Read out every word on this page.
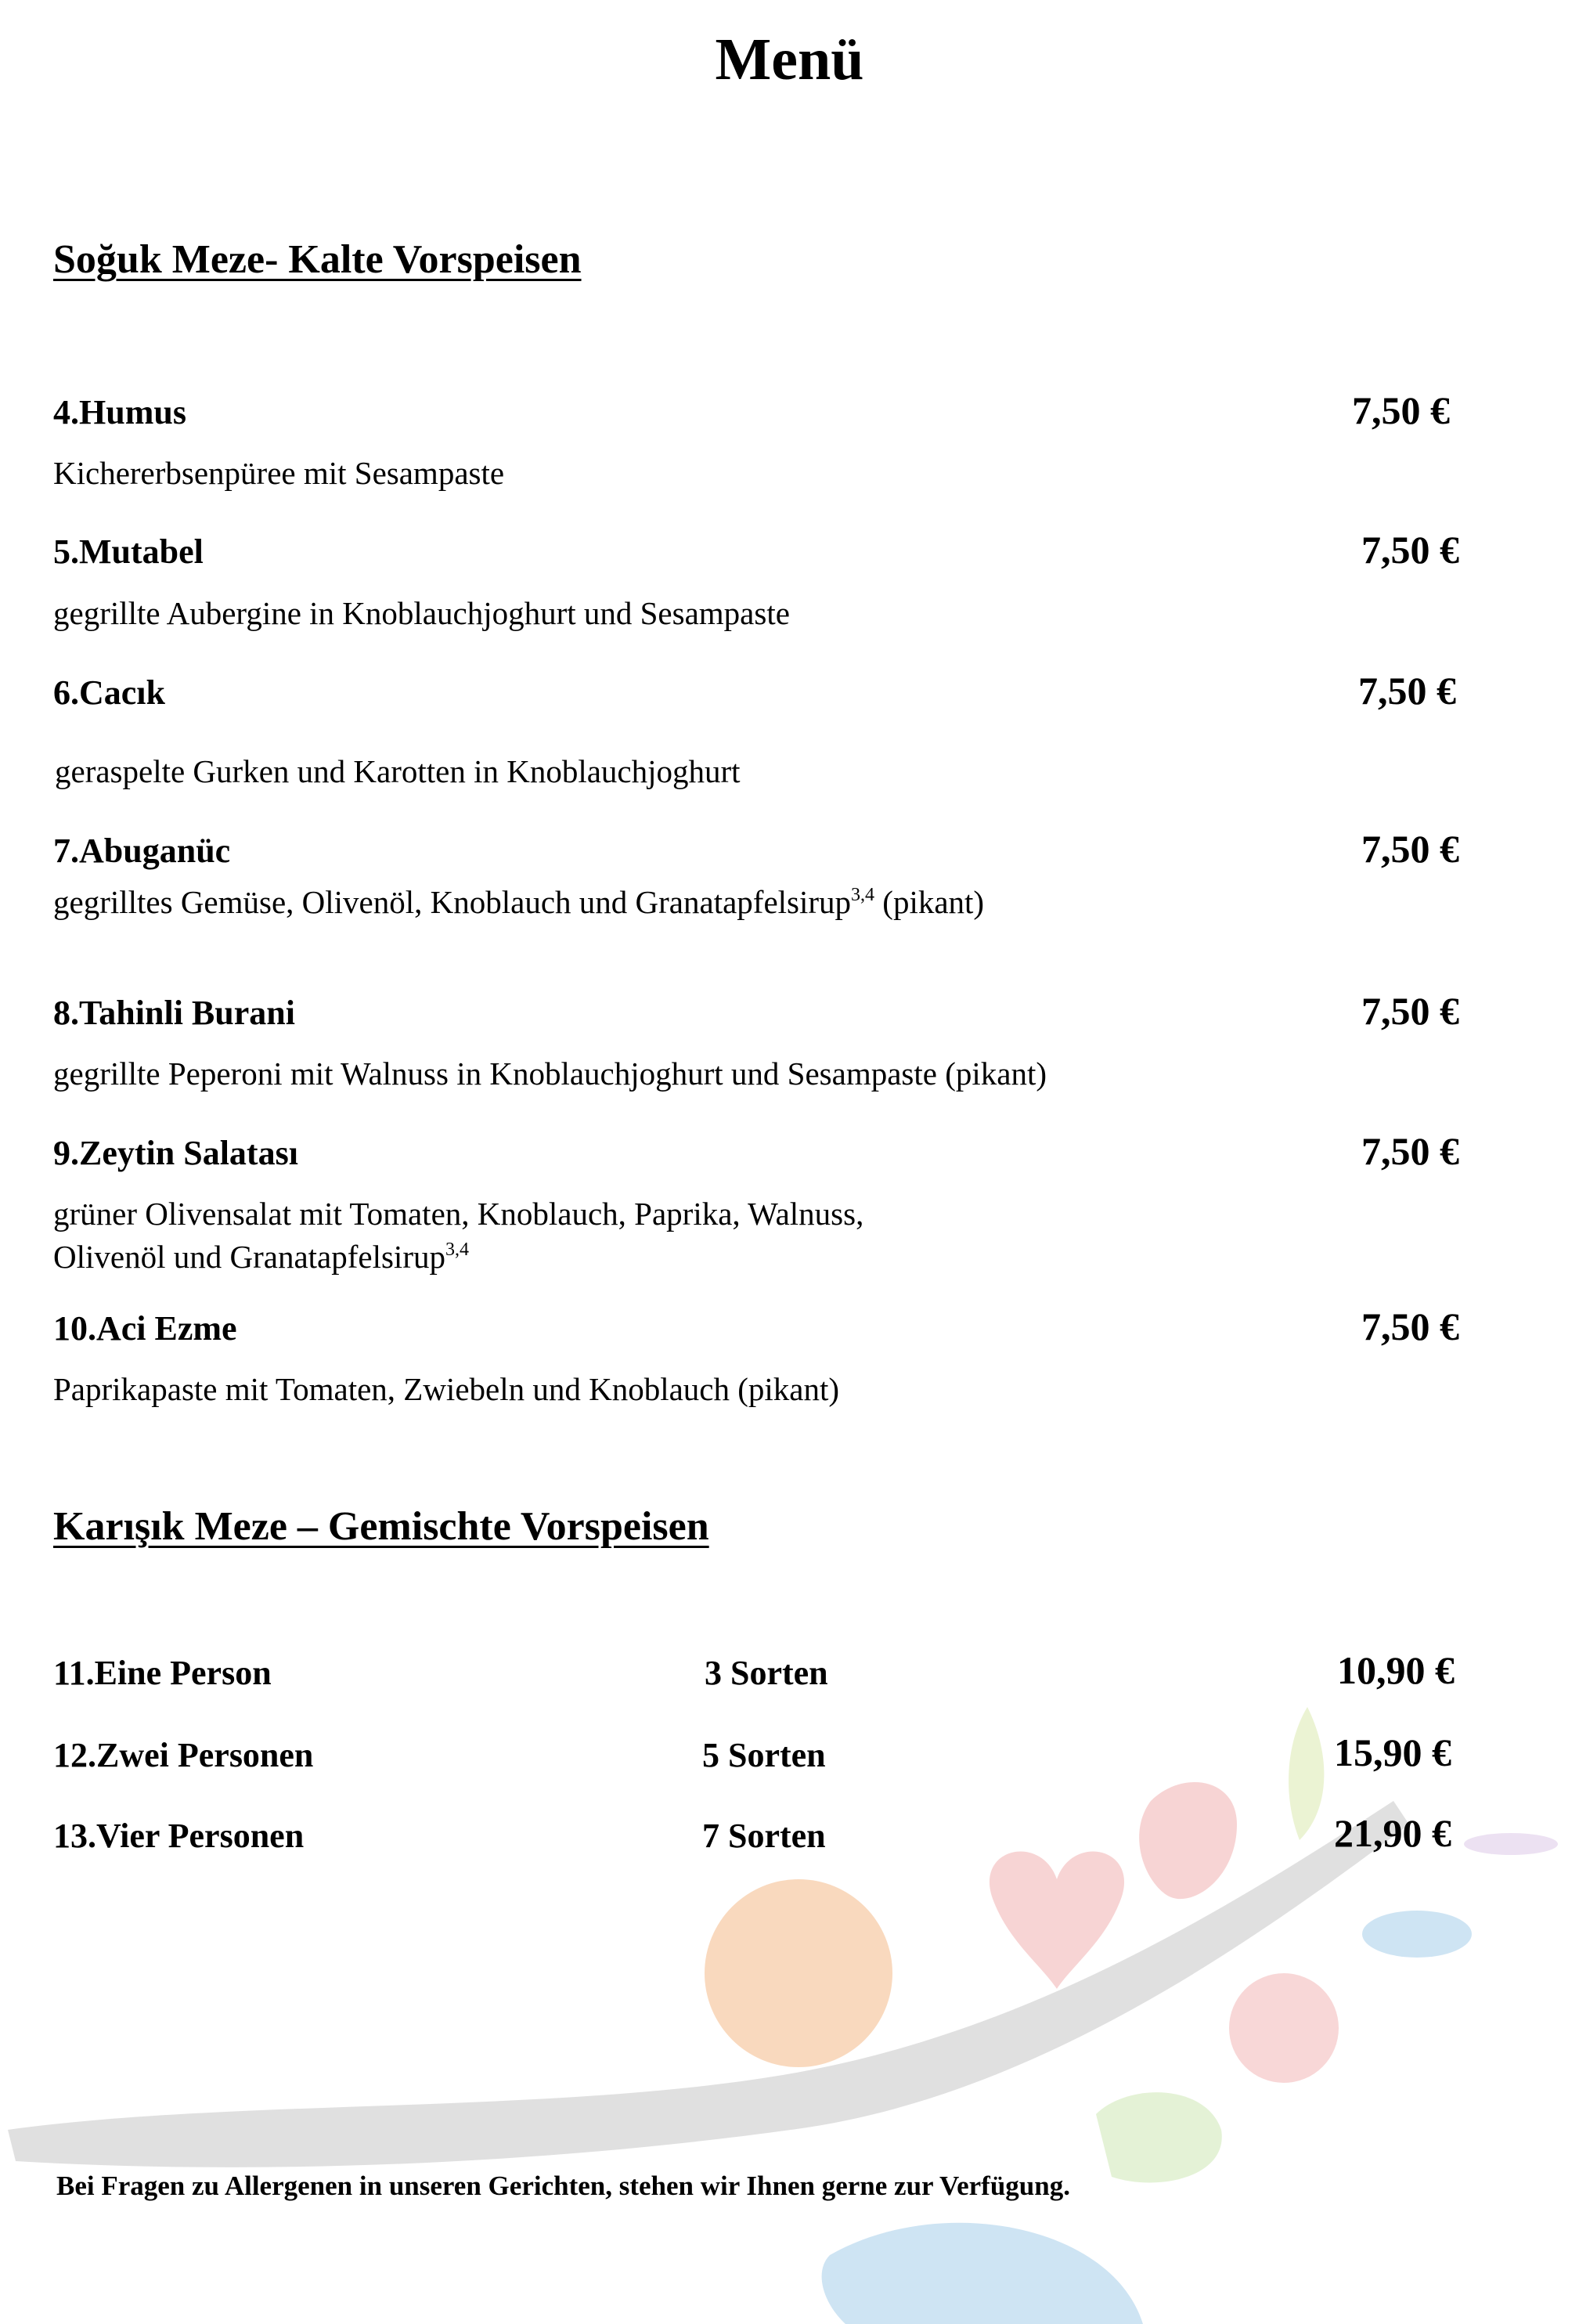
Menü
Soğuk Meze- Kalte Vorspeisen
4.Humus	7,50 €
Kichererbsenpüree mit Sesampaste
5.Mutabel	7,50 €
gegrillte Aubergine in Knoblauchjoghurt und Sesampaste
6.Cacık	7,50 €
geraspelte Gurken und Karotten in Knoblauchjoghurt
7.Abuganüc	7,50 €
gegrilltes Gemüse, Olivenöl, Knoblauch und Granatapfelsirup$^{3,4}$ (pikant)
8.Tahinli Burani	7,50 €
gegrillte Peperoni mit Walnuss in Knoblauchjoghurt und Sesampaste (pikant)
9.Zeytin Salatası	7,50 €
grüner Olivensalat mit Tomaten, Knoblauch, Paprika, Walnuss,
Olivenöl und Granatapfelsirup$^{3,4}$
10.Aci Ezme	7,50 €
Paprikapaste mit Tomaten, Zwiebeln und Knoblauch (pikant)
Karışık Meze – Gemischte Vorspeisen
11.Eine Person	3 Sorten	10,90 €
12.Zwei Personen	5 Sorten	15,90 €
13.Vier Personen	7 Sorten	21,90 €
Bei Fragen zu Allergenen in unseren Gerichten, stehen wir Ihnen gerne zur Verfügung.
